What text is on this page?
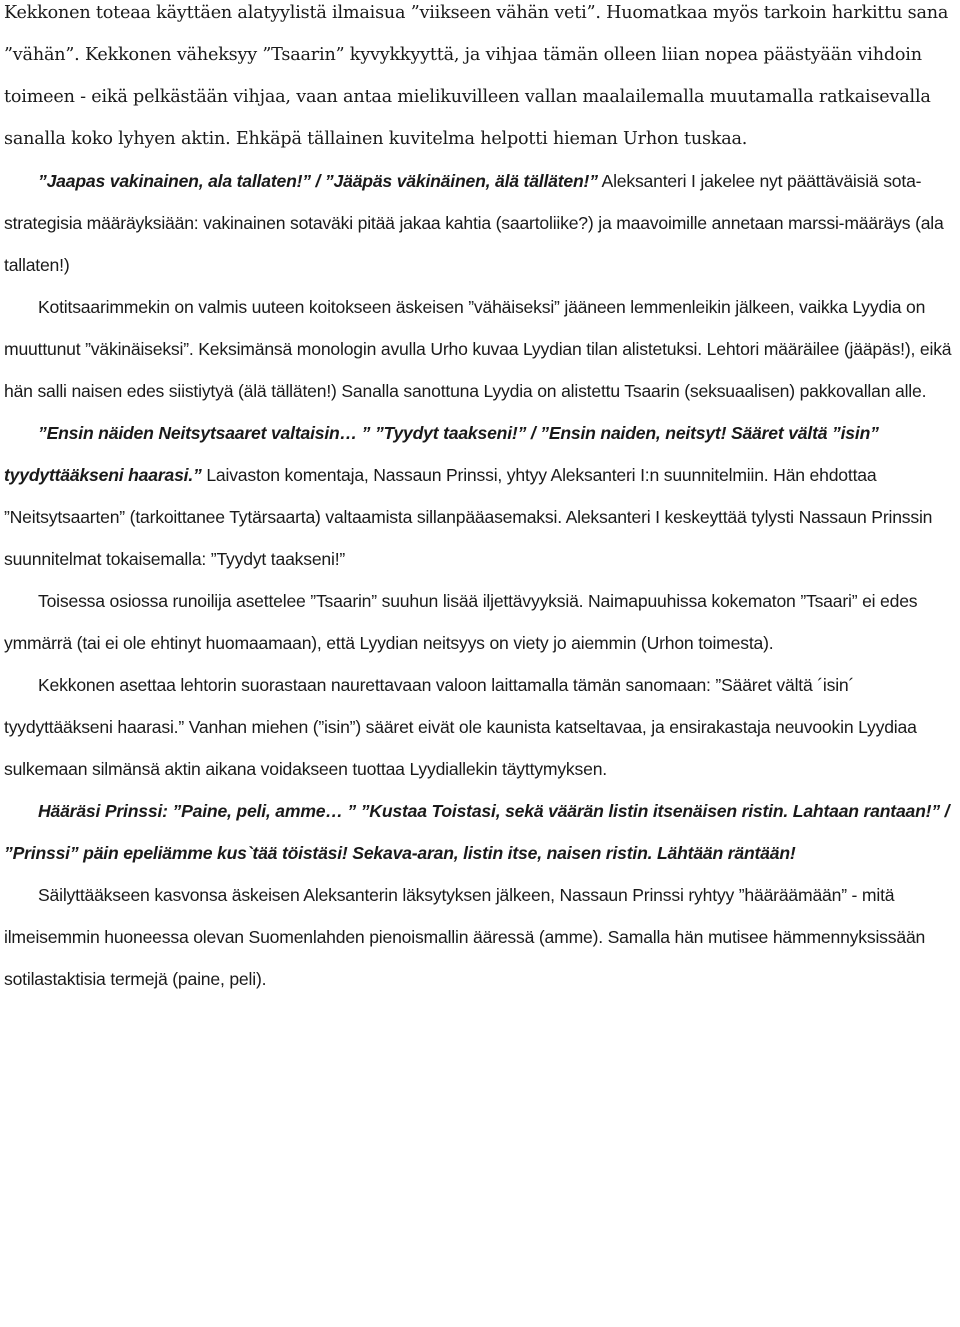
Kekkonen toteaa käyttäen alatyylistä ilmaisua ”viikseen vähän veti”. Huomatkaa myös tarkoin harkittu sana ”vähän”. Kekkonen väheksyy ”Tsaarin” kyvykkyyttä, ja vihjaa tämän olleen liian nopea päästyään vihdoin toimeen - eikä pelkästään vihjaa, vaan antaa mielikuvilleen vallan maalailemalla muutamalla ratkaisevalla sanalla koko lyhyen aktin. Ehkäpä tällainen kuvitelma helpotti hieman Urhon tuskaa.

”Jaapas vakinainen, ala tallaten!” / ”Jääpäs väkinäinen, älä tälläten!” Aleksanteri I jakelee nyt päättäväisiä sota-strategisia määräyksiään: vakinainen sotaväki pitää jakaa kahtia (saartoliike?) ja maavoimille annetaan marssi-määräys (ala tallaten!)

Kotitsaarimmekin on valmis uuteen koitokseen äskeisen ”vähäiseksi” jääneen lemmenleikin jälkeen, vaikka Lyydia on muuttunut ”väkinäiseksi”. Keksimänsä monologin avulla Urho kuvaa Lyydian tilan alistetuksi. Lehtori määräilee (jääpäs!), eikä hän salli naisen edes siistiytyä (älä tälläten!) Sanalla sanottuna Lyydia on alistettu Tsaarin (seksuaalisen) pakkovallan alle.

”Ensin näiden Neitsytsaaret valtaisin… ” ”Tyydyt taakseni!” / ”Ensin naiden, neitsyt! Sääret vältä ”isin” tyydyttääkseni haarasi.” Laivaston komentaja, Nassaun Prinssi, yhtyy Aleksanteri I:n suunnitelmiin. Hän ehdottaa ”Neitsytsaarten” (tarkoittanee Tytärsaarta) valtaamista sillanpääasemaksi. Aleksanteri I keskeyttää tylysti Nassaun Prinssin suunnitelmat tokaisemalla: ”Tyydyt taakseni!”

Toisessa osiossa runoilija asettelee ”Tsaarin” suuhun lisää iljettävyyksiä. Naimapuuhissa kokematon ”Tsaari” ei edes ymmärrä (tai ei ole ehtinyt huomaamaan), että Lyydian neitsyys on viety jo aiemmin (Urhon toimesta).

Kekkonen asettaa lehtorin suorastaan naurettavaan valoon laittamalla tämän sanomaan: ”Sääret vältä ´isin´ tyydyttääkseni haarasi.” Vanhan miehen (”isin”) sääret eivät ole kaunista katseltavaa, ja ensirakastaja neuvookin Lyydiaa sulkemaan silmänsä aktin aikana voidakseen tuottaa Lyydiallekin täyttymyksen.

Hääräsi Prinssi: ”Paine, peli, amme… ” ”Kustaa Toistasi, sekä väärän listin itsenäisen ristin. Lahtaan rantaan!” / ”Prinssi” päin epeliämme kus`tää töistäsi! Sekava-aran, listin itse, naisen ristin. Lähtään räntään!

Säilyttääkseen kasvonsa äskeisen Aleksanterin läksytyksen jälkeen, Nassaun Prinssi ryhtyy ”hääräämään” - mitä ilmeisemmin huoneessa olevan Suomenlahden pienoismallin ääressä (amme). Samalla hän mutisee hämmennyksissään sotilastaktisia termejä (paine, peli).
